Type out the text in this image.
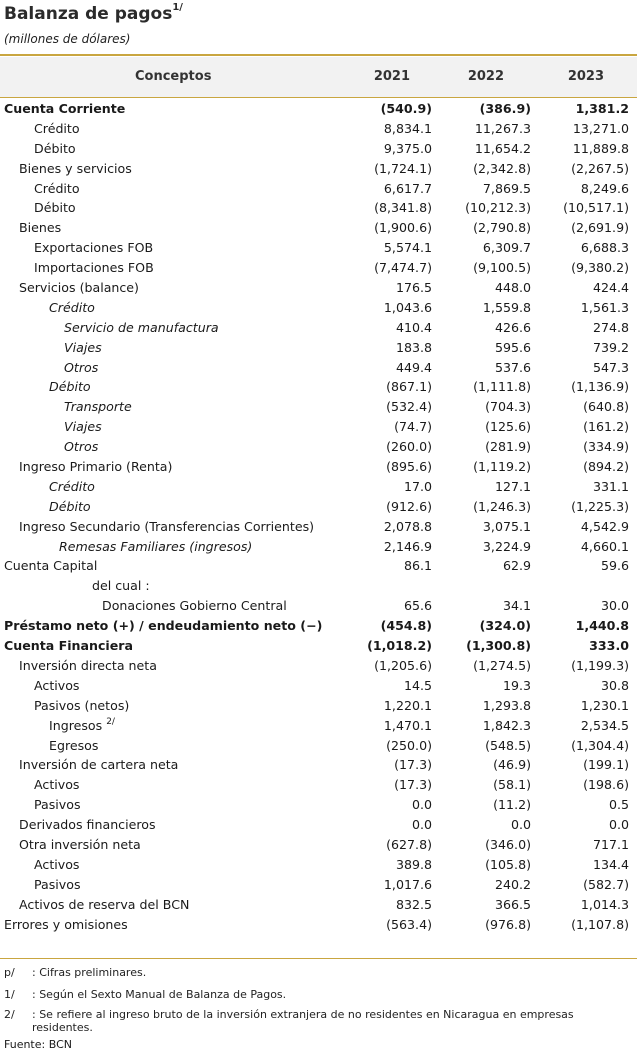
Balanza de pagos$^{1/}$
(millones de dólares)
Conceptos	2021	2022	2023
Cuenta Corriente	(540.9)	(386.9)	1,381.2
Crédito	8,834.1	11,267.3	13,271.0
Débito	9,375.0	11,654.2	11,889.8
Bienes y servicios	(1,724.1)	(2,342.8)	(2,267.5)
Crédito	6,617.7	7,869.5	8,249.6
Débito	(8,341.8)	(10,212.3)	(10,517.1)
Bienes	(1,900.6)	(2,790.8)	(2,691.9)
Exportaciones FOB	5,574.1	6,309.7	6,688.3
Importaciones FOB	(7,474.7)	(9,100.5)	(9,380.2)
Servicios (balance)	176.5	448.0	424.4
Crédito	1,043.6	1,559.8	1,561.3
Servicio de manufactura	410.4	426.6	274.8
Viajes	183.8	595.6	739.2
Otros	449.4	537.6	547.3
Débito	(867.1)	(1,111.8)	(1,136.9)
Transporte	(532.4)	(704.3)	(640.8)
Viajes	(74.7)	(125.6)	(161.2)
Otros	(260.0)	(281.9)	(334.9)
Ingreso Primario (Renta)	(895.6)	(1,119.2)	(894.2)
Crédito	17.0	127.1	331.1
Débito	(912.6)	(1,246.3)	(1,225.3)
Ingreso Secundario (Transferencias Corrientes)	2,078.8	3,075.1	4,542.9
Remesas Familiares (ingresos)	2,146.9	3,224.9	4,660.1
Cuenta Capital	86.1	62.9	59.6
del cual :
Donaciones Gobierno Central	65.6	34.1	30.0
Préstamo neto (+) / endeudamiento neto (−)	(454.8)	(324.0)	1,440.8
Cuenta Financiera	(1,018.2)	(1,300.8)	333.0
Inversión directa neta	(1,205.6)	(1,274.5)	(1,199.3)
Activos	14.5	19.3	30.8
Pasivos (netos)	1,220.1	1,293.8	1,230.1
Ingresos $^{2/}$	1,470.1	1,842.3	2,534.5
Egresos	(250.0)	(548.5)	(1,304.4)
Inversión de cartera neta	(17.3)	(46.9)	(199.1)
Activos	(17.3)	(58.1)	(198.6)
Pasivos	0.0	(11.2)	0.5
Derivados financieros	0.0	0.0	0.0
Otra inversión neta	(627.8)	(346.0)	717.1
Activos	389.8	(105.8)	134.4
Pasivos	1,017.6	240.2	(582.7)
Activos de reserva del BCN	832.5	366.5	1,014.3
Errores y omisiones	(563.4)	(976.8)	(1,107.8)
p/ : Cifras preliminares.
1/ : Según el Sexto Manual de Balanza de Pagos.
2/ : Se refiere al ingreso bruto de la inversión extranjera de no residentes en Nicaragua en empresas residentes.
Fuente: BCN
